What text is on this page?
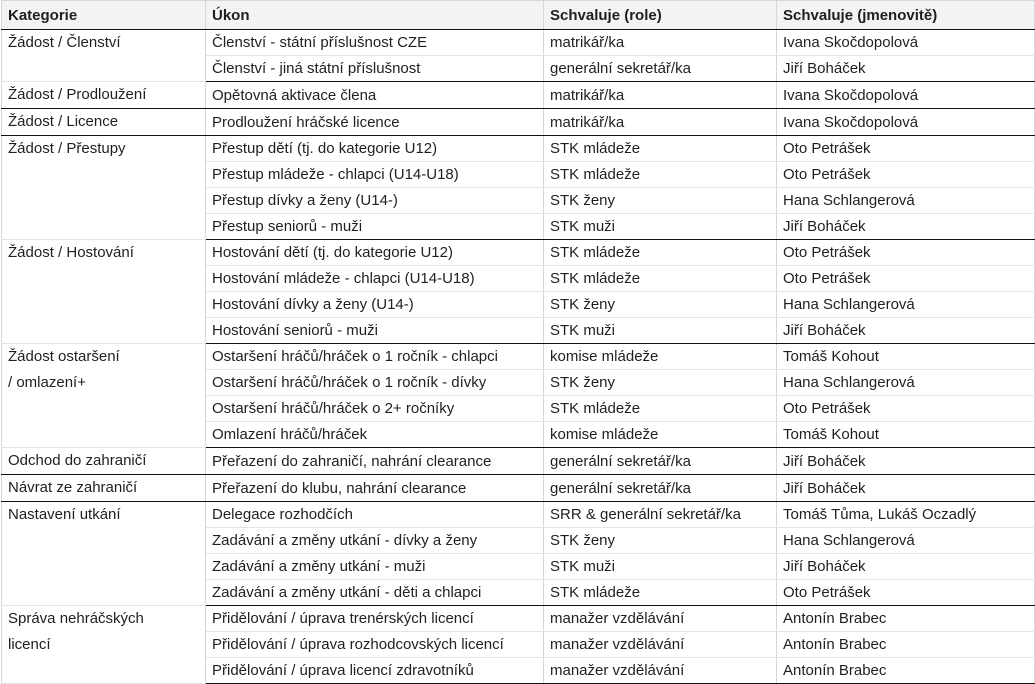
Kategorie	Úkon	Schvaluje (role)	Schvaluje (jmenovitě)

Žádost / Členství	Členství - státní příslušnost CZE	matrikář/ka	Ivana Skočdopolová
	Členství - jiná státní příslušnost	generální sekretář/ka	Jiří Boháček

Žádost / Prodloužení	Opětovná aktivace člena	matrikář/ka	Ivana Skočdopolová

Žádost / Licence	Prodloužení hráčské licence	matrikář/ka	Ivana Skočdopolová

Žádost / Přestupy	Přestup dětí (tj. do kategorie U12)	STK mládeže	Oto Petrášek
	Přestup mládeže - chlapci (U14-U18)	STK mládeže	Oto Petrášek
	Přestup dívky a ženy (U14-)	STK ženy	Hana Schlangerová
	Přestup seniorů - muži	STK muži	Jiří Boháček

Žádost / Hostování	Hostování dětí (tj. do kategorie U12)	STK mládeže	Oto Petrášek
	Hostování mládeže - chlapci (U14-U18)	STK mládeže	Oto Petrášek
	Hostování dívky a ženy (U14-)	STK ženy	Hana Schlangerová
	Hostování seniorů - muži	STK muži	Jiří Boháček

Žádost ostaršení
/ omlazení+	Ostaršení hráčů/hráček o 1 ročník - chlapci	komise mládeže	Tomáš Kohout
	Ostaršení hráčů/hráček o 1 ročník - dívky	STK ženy	Hana Schlangerová
	Ostaršení hráčů/hráček o 2+ ročníky	STK mládeže	Oto Petrášek
	Omlazení hráčů/hráček	komise mládeže	Tomáš Kohout

Odchod do zahraničí	Přeřazení do zahraničí, nahrání clearance	generální sekretář/ka	Jiří Boháček

Návrat ze zahraničí	Přeřazení do klubu, nahrání clearance	generální sekretář/ka	Jiří Boháček

Nastavení utkání	Delegace rozhodčích	SRR & generální sekretář/ka	Tomáš Tůma, Lukáš Oczadlý
	Zadávání a změny utkání - dívky a ženy	STK ženy	Hana Schlangerová
	Zadávání a změny utkání - muži	STK muži	Jiří Boháček
	Zadávání a změny utkání - děti a chlapci	STK mládeže	Oto Petrášek

Správa nehráčských
licencí	Přidělování / úprava trenérských licencí	manažer vzdělávání	Antonín Brabec
	Přidělování / úprava rozhodcovských licencí	manažer vzdělávání	Antonín Brabec
	Přidělování / úprava licencí zdravotníků	manažer vzdělávání	Antonín Brabec
